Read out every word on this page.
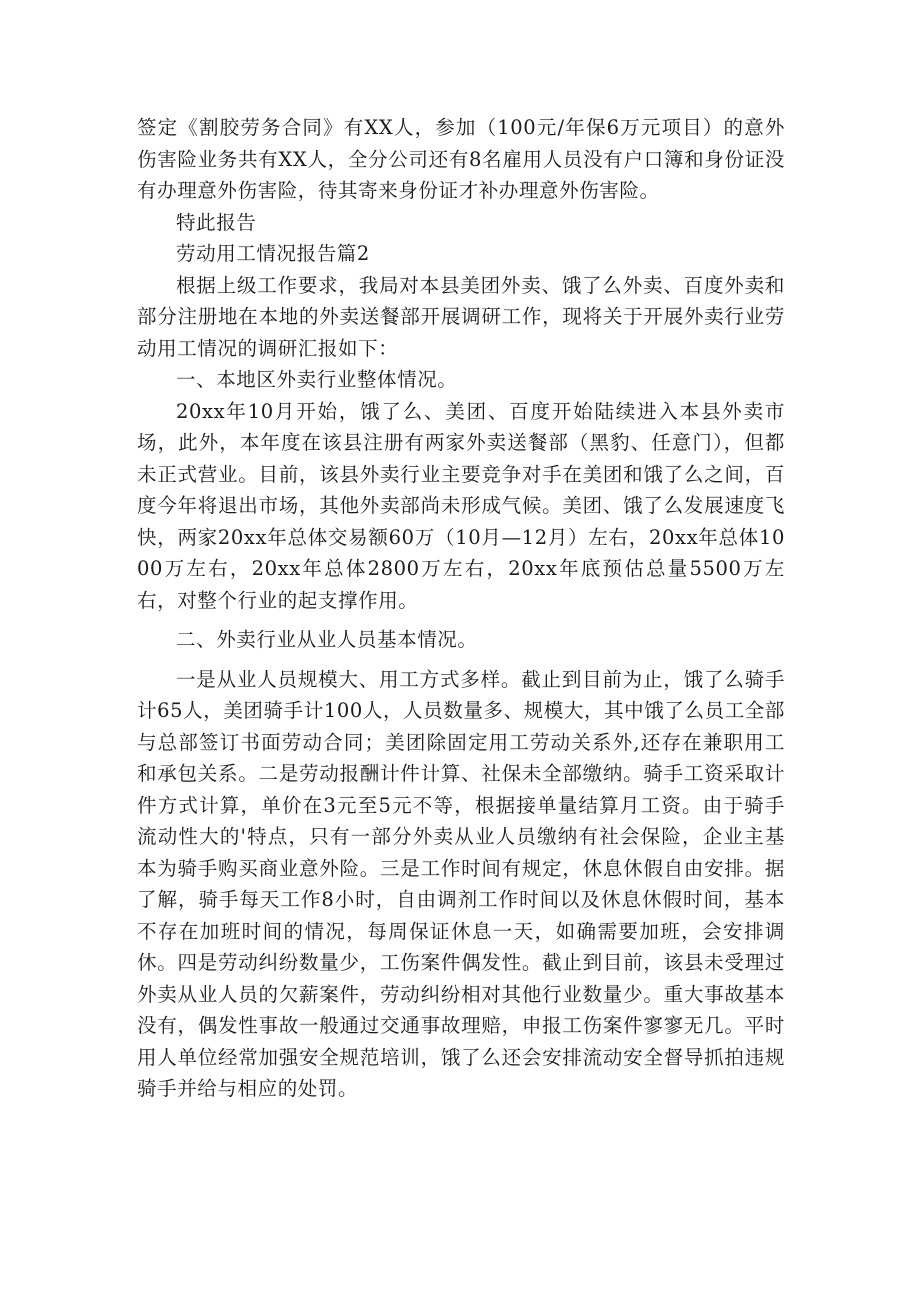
签定《割胶劳务合同》有XX人，参加（100元/年保6万元项目）的意外伤害险业务共有XX人，全分公司还有8名雇用人员没有户口簿和身份证没有办理意外伤害险，待其寄来身份证才补办理意外伤害险。

特此报告

劳动用工情况报告篇2

根据上级工作要求，我局对本县美团外卖、饿了么外卖、百度外卖和部分注册地在本地的外卖送餐部开展调研工作，现将关于开展外卖行业劳动用工情况的调研汇报如下：

一、本地区外卖行业整体情况。

20xx年10月开始，饿了么、美团、百度开始陆续进入本县外卖市场，此外，本年度在该县注册有两家外卖送餐部（黑豹、任意门），但都未正式营业。目前，该县外卖行业主要竞争对手在美团和饿了么之间，百度今年将退出市场，其他外卖部尚未形成气候。美团、饿了么发展速度飞快，两家20xx年总体交易额60万（10月—12月）左右，20xx年总体1000万左右，20xx年总体2800万左右，20xx年底预估总量5500万左右，对整个行业的起支撑作用。

二、外卖行业从业人员基本情况。

一是从业人员规模大、用工方式多样。截止到目前为止，饿了么骑手计65人，美团骑手计100人，人员数量多、规模大，其中饿了么员工全部与总部签订书面劳动合同；美团除固定用工劳动关系外,还存在兼职用工和承包关系。二是劳动报酬计件计算、社保未全部缴纳。骑手工资采取计件方式计算，单价在3元至5元不等，根据接单量结算月工资。由于骑手流动性大的'特点，只有一部分外卖从业人员缴纳有社会保险，企业主基本为骑手购买商业意外险。三是工作时间有规定，休息休假自由安排。据了解，骑手每天工作8小时，自由调剂工作时间以及休息休假时间，基本不存在加班时间的情况，每周保证休息一天，如确需要加班，会安排调休。四是劳动纠纷数量少，工伤案件偶发性。截止到目前，该县未受理过外卖从业人员的欠薪案件，劳动纠纷相对其他行业数量少。重大事故基本没有，偶发性事故一般通过交通事故理赔，申报工伤案件寥寥无几。平时用人单位经常加强安全规范培训，饿了么还会安排流动安全督导抓拍违规骑手并给与相应的处罚。
